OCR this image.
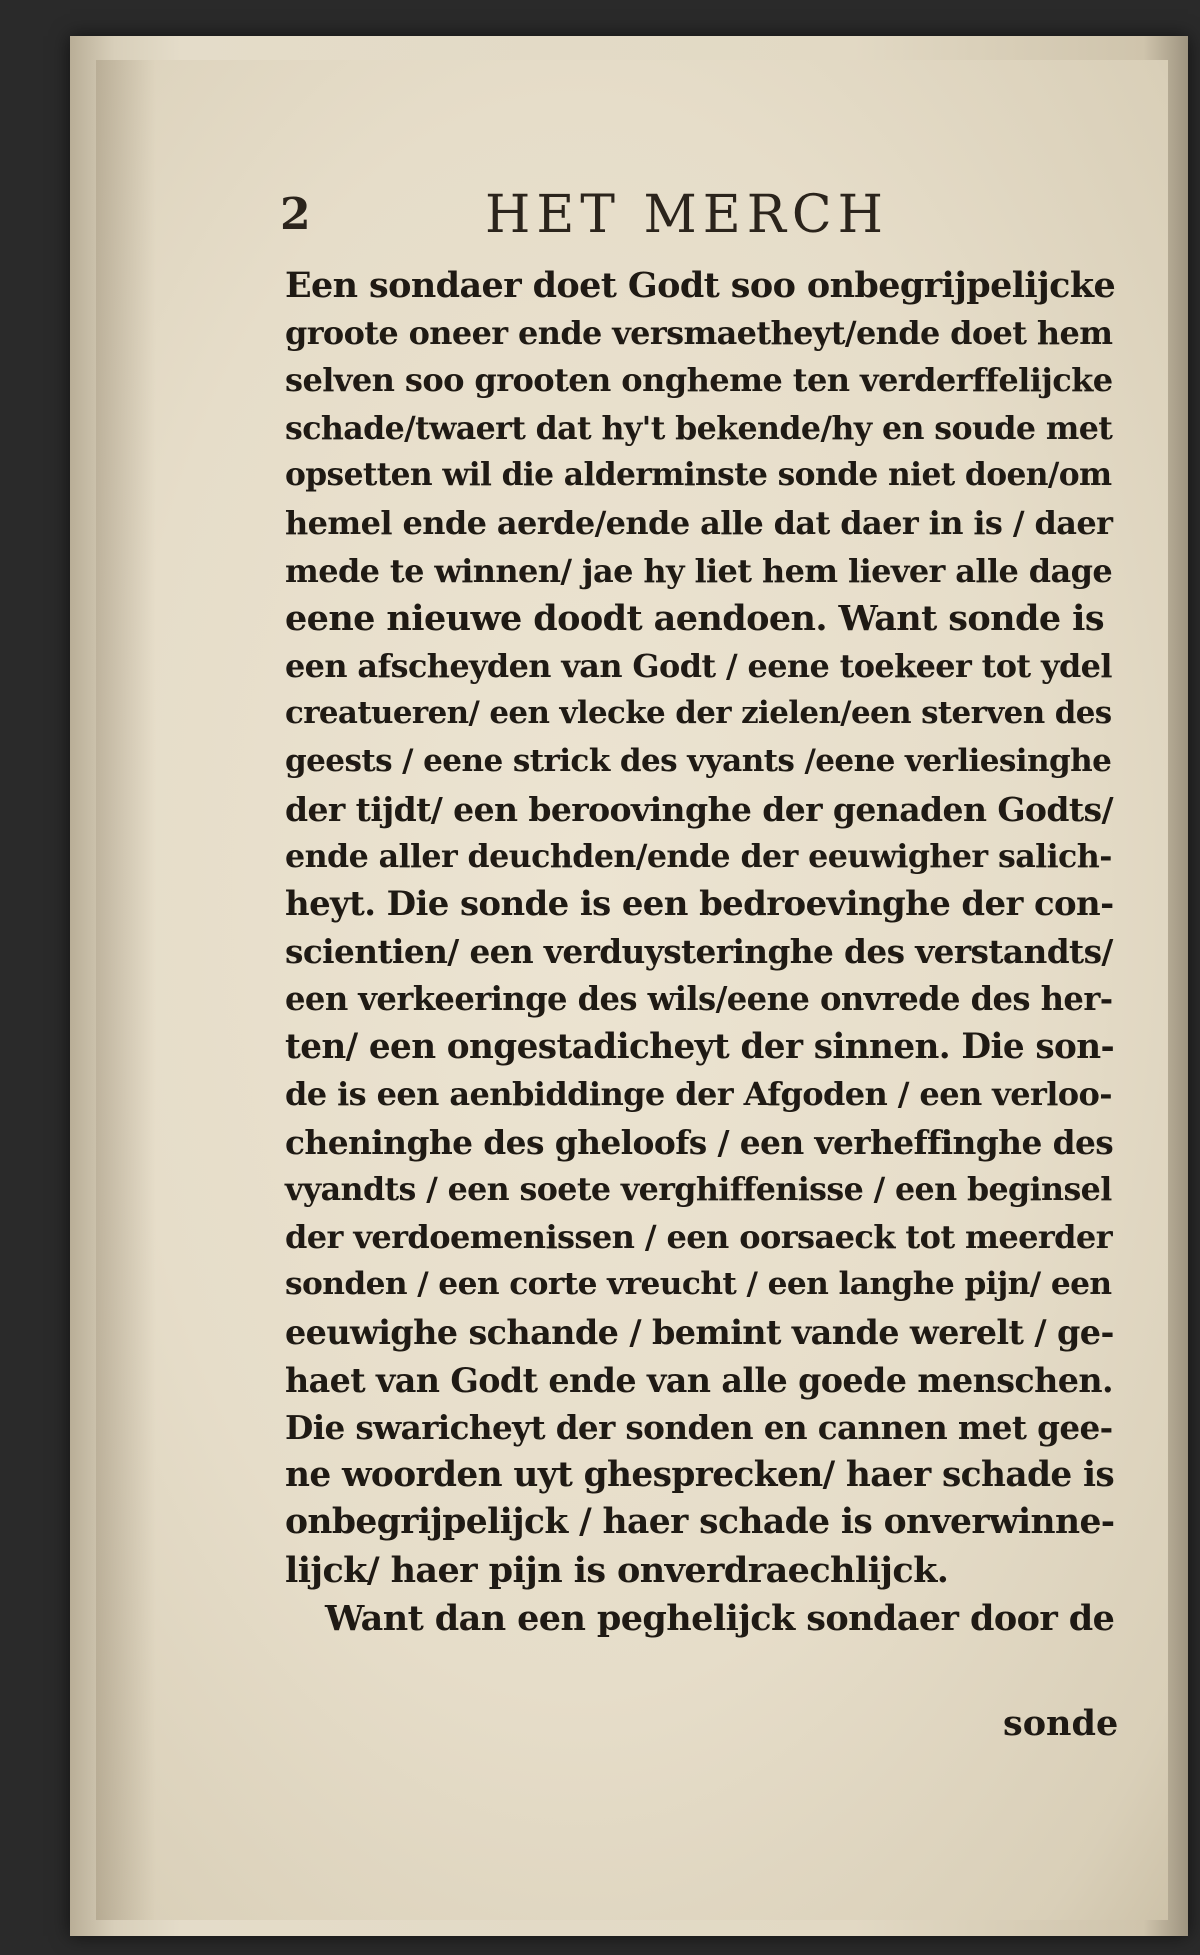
2	HET MERCH
Een sondaer doet Godt soo onbegrijpelijcke
groote oneer ende versmaetheyt/ende doet hem
selven soo grooten ongheme ten verderffelijcke
schade/twaert dat hy't bekende/hy en soude met
opsetten wil die alderminste sonde niet doen/om
hemel ende aerde/ende alle dat daer in is / daer
mede te winnen/ jae hy liet hem liever alle dage
eene nieuwe doodt aendoen. Want sonde is
een afscheyden van Godt / eene toekeer tot ydel
creatueren/ een vlecke der zielen/een sterven des
geests / eene strick des vyants /eene verliesinghe
der tijdt/ een beroovinghe der genaden Godts/
ende aller deuchden/ende der eeuwigher salich-
heyt. Die sonde is een bedroevinghe der con-
scientien/ een verduysteringhe des verstandts/
een verkeeringe des wils/eene onvrede des her-
ten/ een ongestadicheyt der sinnen. Die son-
de is een aenbiddinge der Afgoden / een verloo-
cheninghe des gheloofs / een verheffinghe des
vyandts / een soete verghiffenisse / een beginsel
der verdoemenissen / een oorsaeck tot meerder
sonden / een corte vreucht / een langhe pijn/ een
eeuwighe schande / bemint vande werelt / ge-
haet van Godt ende van alle goede menschen.
Die swaricheyt der sonden en cannen met gee-
ne woorden uyt ghesprecken/ haer schade is
onbegrijpelijck / haer schade is onverwinne-
lijck/ haer pijn is onverdraechlijck.
Want dan een peghelijck sondaer door de
sonde
